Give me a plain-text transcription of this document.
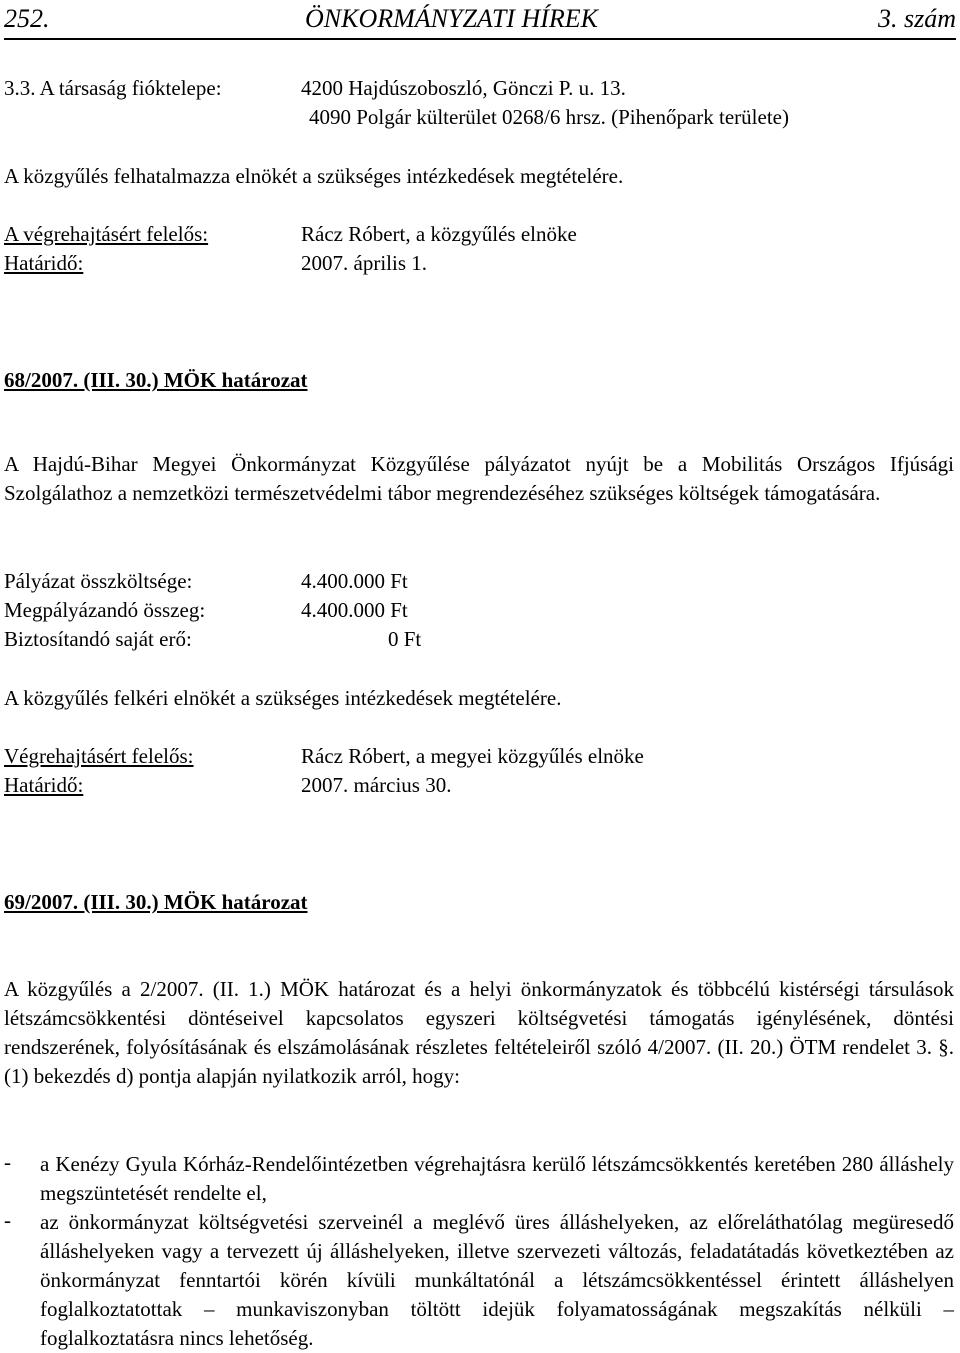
252.	ÖNKORMÁNYZATI HÍREK	3. szám
3.3. A társaság fióktelepe:	4200 Hajdúszoboszló, Gönczi P. u. 13.
4090 Polgár külterület 0268/6 hrsz. (Pihenőpark területe)
A közgyűlés felhatalmazza elnökét a szükséges intézkedések megtételére.
A végrehajtásért felelős:	Rácz Róbert, a közgyűlés elnöke
Határidő:	2007. április 1.
68/2007. (III. 30.) MÖK határozat
A Hajdú-Bihar Megyei Önkormányzat Közgyűlése pályázatot nyújt be a Mobilitás Országos Ifjúsági Szolgálathoz a nemzetközi természetvédelmi tábor megrendezéséhez szükséges költségek támogatására.
Pályázat összköltsége:	4.400.000 Ft
Megpályázandó összeg:	4.400.000 Ft
Biztosítandó saját erő:	0 Ft
A közgyűlés felkéri elnökét a szükséges intézkedések megtételére.
Végrehajtásért felelős:	Rácz Róbert, a megyei közgyűlés elnöke
Határidő:	2007. március 30.
69/2007. (III. 30.) MÖK határozat
A közgyűlés a 2/2007. (II. 1.) MÖK határozat és a helyi önkormányzatok és többcélú kistérségi társulások létszámcsökkentési döntéseivel kapcsolatos egyszeri költségvetési támogatás igénylésének, döntési rendszerének, folyósításának és elszámolásának részletes feltételeiről szóló 4/2007. (II. 20.) ÖTM rendelet 3. §. (1) bekezdés d) pontja alapján nyilatkozik arról, hogy:
- a Kenézy Gyula Kórház-Rendelőintézetben végrehajtásra kerülő létszámcsökkentés keretében 280 álláshely megszüntetését rendelte el,
- az önkormányzat költségvetési szerveinél a meglévő üres álláshelyeken, az előreláthatólag megüresedő álláshelyeken vagy a tervezett új álláshelyeken, illetve szervezeti változás, feladatátadás következtében az önkormányzat fenntartói körén kívüli munkáltatónál a létszámcsökkentéssel érintett álláshelyen foglalkoztatottak – munkaviszonyban töltött idejük folyamatosságának megszakítás nélküli – foglalkoztatásra nincs lehetőség.
